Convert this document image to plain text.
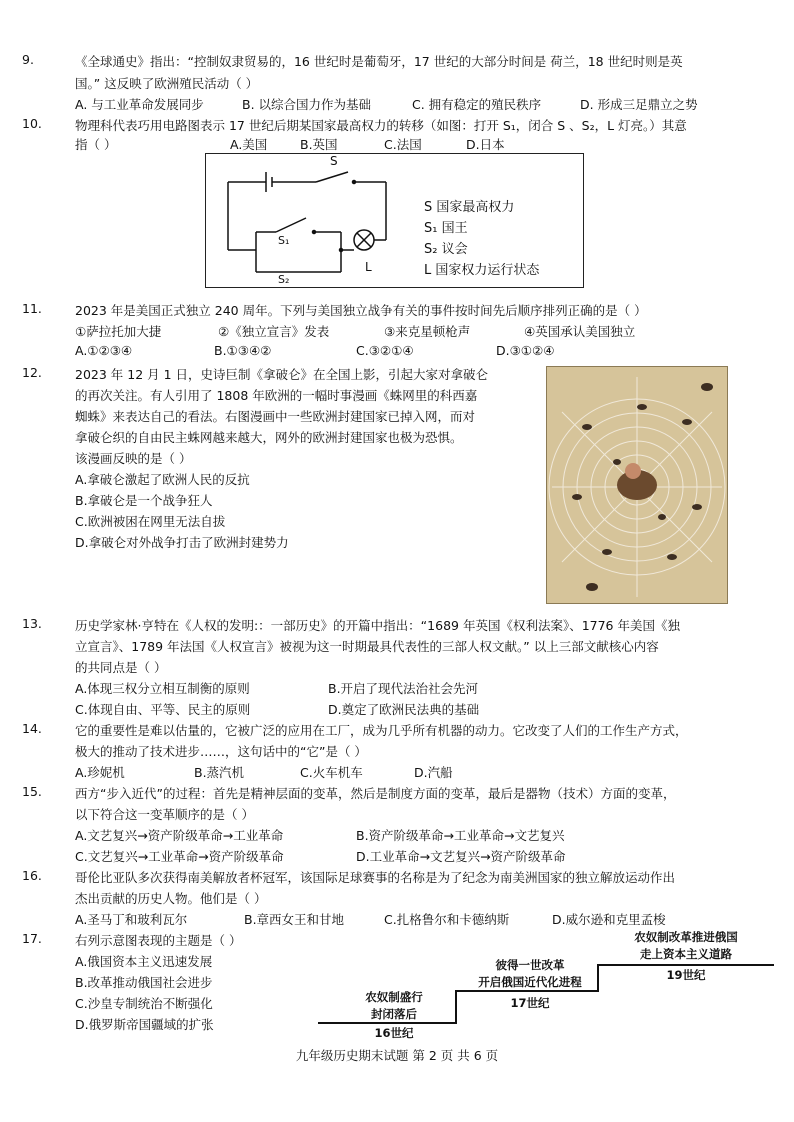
9.	《全球通史》指出：“控制奴隶贸易的，16 世纪时是葡萄牙，17 世纪的大部分时间是 荷兰，18 世纪时则是英
国。” 这反映了欧洲殖民活动（ ）
A. 与工业革命发展同步	B. 以综合国力作为基础	C. 拥有稳定的殖民秩序	D. 形成三足鼎立之势
10.	物理科代表巧用电路图表示 17 世纪后期某国家最高权力的转移（如图：打开 S₁，闭合 S 、S₂，L 灯亮。）其意
指（ ）	A.美国	B.英国	C.法国	D.日本
S
S₁
S₂
L
S 国家最高权力
S₁ 国王
S₂ 议会
L 国家权力运行状态
11.	2023 年是美国正式独立 240 周年。下列与美国独立战争有关的事件按时间先后顺序排列正确的是（ ）
①萨拉托加大捷	②《独立宣言》发表	③来克星顿枪声	④英国承认美国独立
A.①②③④	B.①③④②	C.③②①④	D.③①②④
12.	2023 年 12 月 1 日，史诗巨制《拿破仑》在全国上影，引起大家对拿破仑
的再次关注。有人引用了 1808 年欧洲的一幅时事漫画《蛛网里的科西嘉
蜘蛛》来表达自己的看法。右图漫画中一些欧洲封建国家已掉入网，而对
拿破仑织的自由民主蛛网越来越大，网外的欧洲封建国家也极为恐惧。
该漫画反映的是（ ）
A.拿破仑激起了欧洲人民的反抗
B.拿破仑是一个战争狂人
C.欧洲被困在网里无法自拔
D.拿破仑对外战争打击了欧洲封建势力
13.	历史学家林·亨特在《人权的发明:：一部历史》的开篇中指出：“1689 年英国《权利法案》、1776 年美国《独
立宣言》、1789 年法国《人权宣言》被视为这一时期最具代表性的三部人权文献。” 以上三部文献核心内容
的共同点是（ ）
A.体现三权分立相互制衡的原则	B.开启了现代法治社会先河
C.体现自由、平等、民主的原则	D.奠定了欧洲民法典的基础
14.	它的重要性是难以估量的，它被广泛的应用在工厂，成为几乎所有机器的动力。它改变了人们的工作生产方式，
极大的推动了技术进步……，这句话中的“它”是（ ）
A.珍妮机	B.蒸汽机	C.火车机车	D.汽船
15.	西方“步入近代”的过程：首先是精神层面的变革，然后是制度方面的变革，最后是器物（技术）方面的变革，
以下符合这一变革顺序的是（ ）
A.文艺复兴→资产阶级革命→工业革命	B.资产阶级革命→工业革命→文艺复兴
C.文艺复兴→工业革命→资产阶级革命	D.工业革命→文艺复兴→资产阶级革命
16.	哥伦比亚队多次获得南美解放者杯冠军，该国际足球赛事的名称是为了纪念为南美洲国家的独立解放运动作出
杰出贡献的历史人物。他们是（ ）
A.圣马丁和玻利瓦尔	B.章西女王和甘地	C.扎格鲁尔和卡德纳斯	D.威尔逊和克里孟梭
17.	右列示意图表现的主题是（ ）
A.俄国资本主义迅速发展
B.改革推动俄国社会进步
C.沙皇专制统治不断强化
D.俄罗斯帝国疆域的扩张
农奴制盛行
封闭落后
16世纪
彼得一世改革
开启俄国近代化进程
17世纪
农奴制改革推进俄国
走上资本主义道路
19世纪
九年级历史期末试题 第 2 页 共 6 页
